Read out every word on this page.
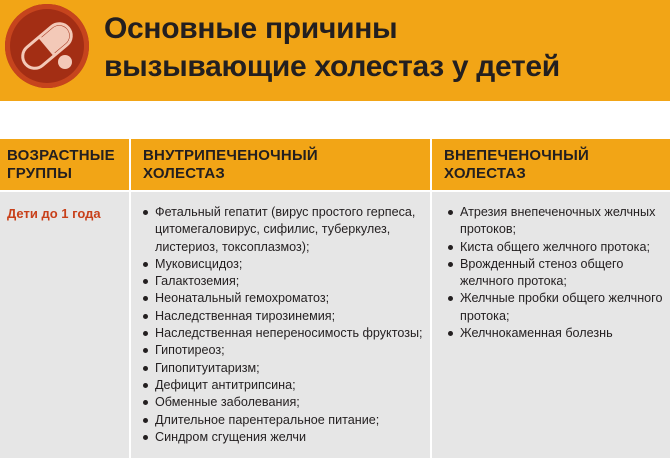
Основные причины
вызывающие холестаз у детей
ВОЗРАСТНЫЕ
ГРУППЫ
ВНУТРИПЕЧЕНОЧНЫЙ
ХОЛЕСТАЗ
ВНЕПЕЧЕНОЧНЫЙ
ХОЛЕСТАЗ
Дети до 1 года	Фетальный гепатит (вирус простого герпеса, цитомегаловирус, сифилис, туберкулез, листериоз, токсоплазмоз);
Муковисцидоз;
Галактоземия;
Неонатальный гемохроматоз;
Наследственная тирозинемия;
Наследственная непереносимость фруктозы;
Гипотиреоз;
Гипопитуитаризм;
Дефицит антитрипсина;
Обменные заболевания;
Длительное парентеральное питание;
Синдром сгущения желчи
Атрезия внепеченочных желчных протоков;
Киста общего желчного протока;
Врожденный стеноз общего желчного протока;
Желчные пробки общего желчного протока;
Желчнокаменная болезнь
